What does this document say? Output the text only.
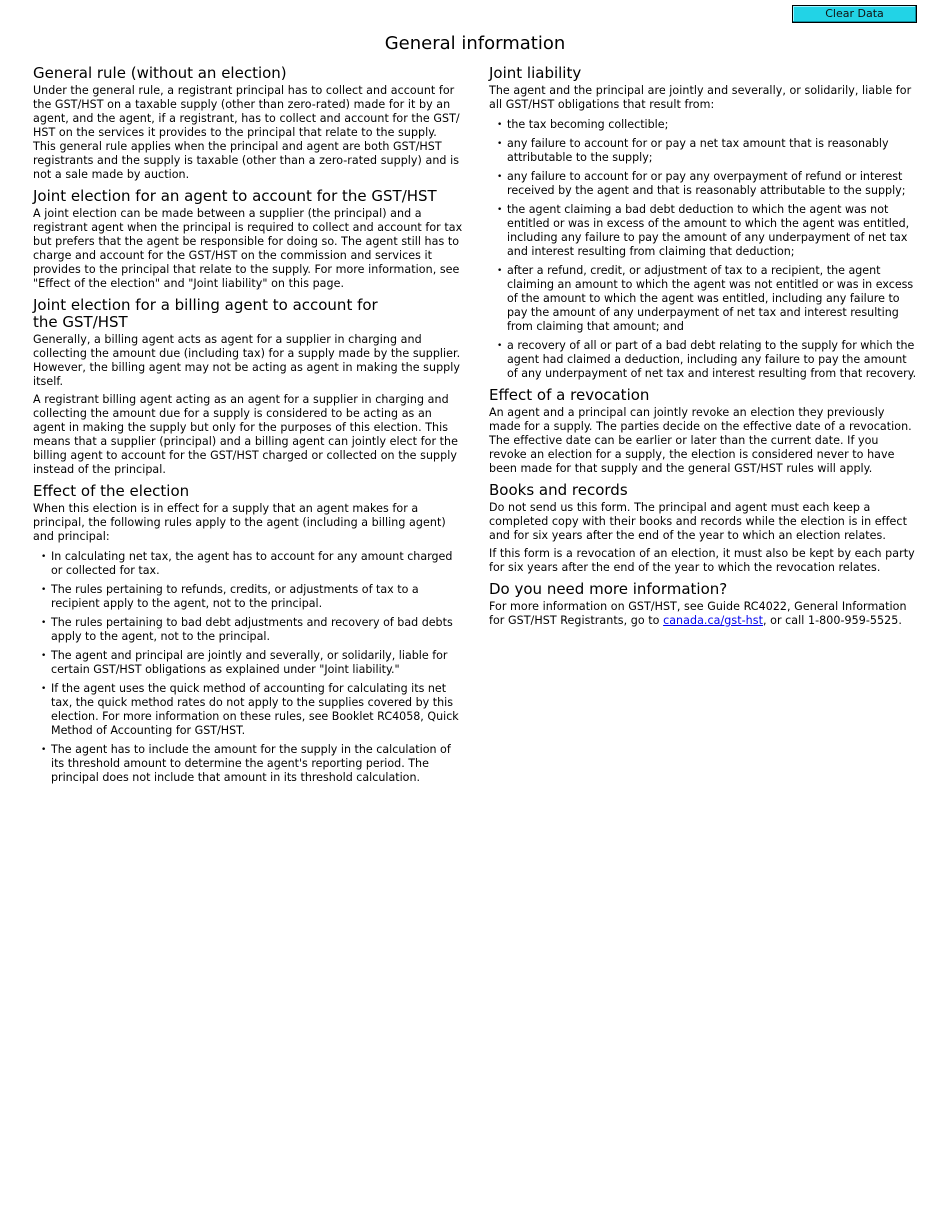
Clear Data
General information
General rule (without an election)

Under the general rule, a registrant principal has to collect and account for the GST/HST on a taxable supply (other than zero-rated) made for it by an agent, and the agent, if a registrant, has to collect and account for the GST/ HST on the services it provides to the principal that relate to the supply. This general rule applies when the principal and agent are both GST/HST registrants and the supply is taxable (other than a zero-rated supply) and is not a sale made by auction.

Joint election for an agent to account for the GST/HST

A joint election can be made between a supplier (the principal) and a registrant agent when the principal is required to collect and account for tax but prefers that the agent be responsible for doing so. The agent still has to charge and account for the GST/HST on the commission and services it provides to the principal that relate to the supply. For more information, see "Effect of the election" and "Joint liability" on this page.

Joint election for a billing agent to account for the GST/HST

Generally, a billing agent acts as agent for a supplier in charging and collecting the amount due (including tax) for a supply made by the supplier. However, the billing agent may not be acting as agent in making the supply itself.

A registrant billing agent acting as an agent for a supplier in charging and collecting the amount due for a supply is considered to be acting as an agent in making the supply but only for the purposes of this election. This means that a supplier (principal) and a billing agent can jointly elect for the billing agent to account for the GST/HST charged or collected on the supply instead of the principal.

Effect of the election

When this election is in effect for a supply that an agent makes for a principal, the following rules apply to the agent (including a billing agent) and principal:

• In calculating net tax, the agent has to account for any amount charged or collected for tax.
• The rules pertaining to refunds, credits, or adjustments of tax to a recipient apply to the agent, not to the principal.
• The rules pertaining to bad debt adjustments and recovery of bad debts apply to the agent, not to the principal.
• The agent and principal are jointly and severally, or solidarily, liable for certain GST/HST obligations as explained under "Joint liability."
• If the agent uses the quick method of accounting for calculating its net tax, the quick method rates do not apply to the supplies covered by this election. For more information on these rules, see Booklet RC4058, Quick Method of Accounting for GST/HST.
• The agent has to include the amount for the supply in the calculation of its threshold amount to determine the agent's reporting period. The principal does not include that amount in its threshold calculation.
Joint liability

The agent and the principal are jointly and severally, or solidarily, liable for all GST/HST obligations that result from:

• the tax becoming collectible;
• any failure to account for or pay a net tax amount that is reasonably attributable to the supply;
• any failure to account for or pay any overpayment of refund or interest received by the agent and that is reasonably attributable to the supply;
• the agent claiming a bad debt deduction to which the agent was not entitled or was in excess of the amount to which the agent was entitled, including any failure to pay the amount of any underpayment of net tax and interest resulting from claiming that deduction;
• after a refund, credit, or adjustment of tax to a recipient, the agent claiming an amount to which the agent was not entitled or was in excess of the amount to which the agent was entitled, including any failure to pay the amount of any underpayment of net tax and interest resulting from claiming that amount; and
• a recovery of all or part of a bad debt relating to the supply for which the agent had claimed a deduction, including any failure to pay the amount of any underpayment of net tax and interest resulting from that recovery.
Effect of a revocation

An agent and a principal can jointly revoke an election they previously made for a supply. The parties decide on the effective date of a revocation. The effective date can be earlier or later than the current date. If you revoke an election for a supply, the election is considered never to have been made for that supply and the general GST/HST rules will apply.

Books and records

Do not send us this form. The principal and agent must each keep a completed copy with their books and records while the election is in effect and for six years after the end of the year to which an election relates.

If this form is a revocation of an election, it must also be kept by each party for six years after the end of the year to which the revocation relates.

Do you need more information?

For more information on GST/HST, see Guide RC4022, General Information for GST/HST Registrants, go to canada.ca/gst-hst, or call 1-800-959-5525.
